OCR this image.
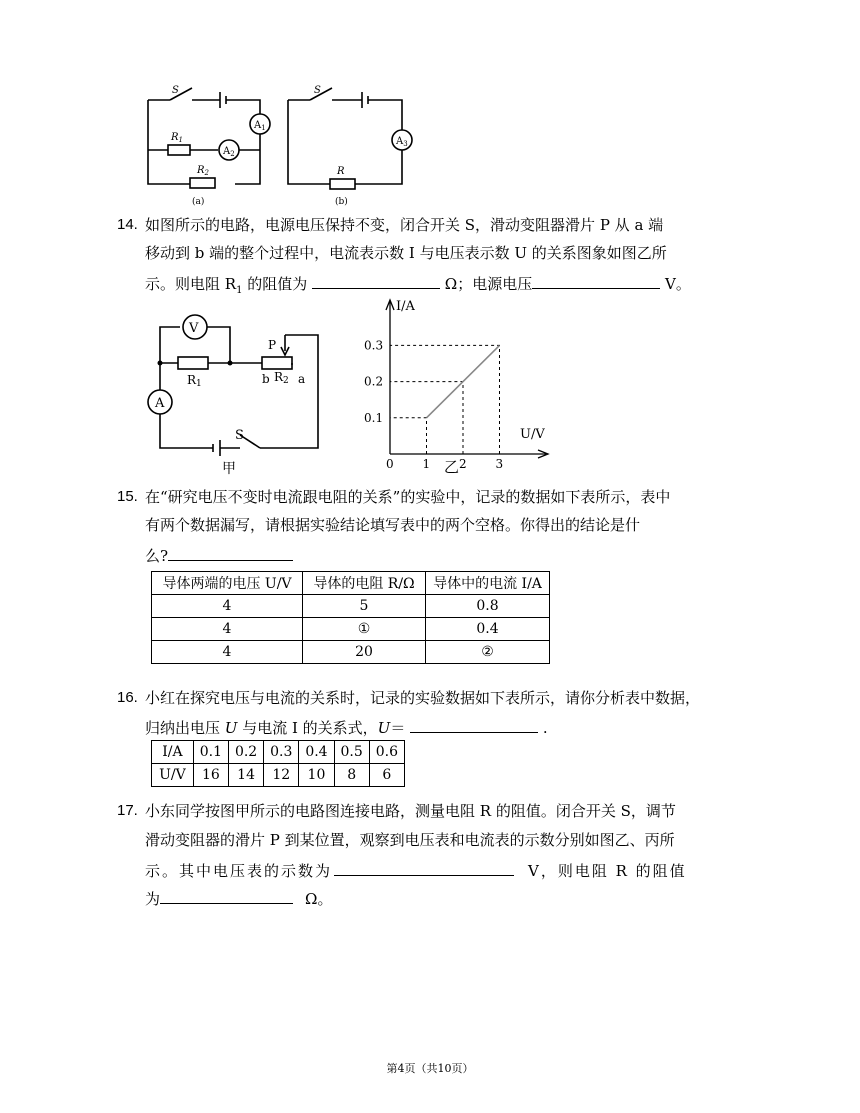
S
$R_1$
$R_2$
$A_1$
$A_2$
(a)
S
R
$A_3$
(b)
14. 如图所示的电路，电源电压保持不变，闭合开关 S，滑动变阻器滑片 P 从 a 端
移动到 b 端的整个过程中，电流表示数 I 与电压表示数 U 的关系图象如图乙所
示。则电阻 $R_1$ 的阻值为	Ω；电源电压	V。
V
R1
P
b R2 a
A
S
甲
I/A
U/V
0 1 2 3
0.1
0.2
0.3
乙
15. 在“研究电压不变时电流跟电阻的关系”的实验中，记录的数据如下表所示，表中
有两个数据漏写，请根据实验结论填写表中的两个空格。你得出的结论是什
么?
导体两端的电压 U/V	导体的电阻 R/Ω	导体中的电流 I/A
4	5	0.8
4	①	0.4
4	20	②
16. 小红在探究电压与电流的关系时，记录的实验数据如下表所示，请你分析表中数据，
归纳出电压 U 与电流 I 的关系式，U＝	.
I/A	0.1	0.2	0.3	0.4	0.5	0.6
U/V	16	14	12	10	8	6
17. 小东同学按图甲所示的电路图连接电路，测量电阻 R 的阻值。闭合开关 S，调节
滑动变阻器的滑片 P 到某位置，观察到电压表和电流表的示数分别如图乙、丙所
示。其中电压表的示数为	V，则电阻 R 的阻值
为	Ω。
第4页（共10页）
